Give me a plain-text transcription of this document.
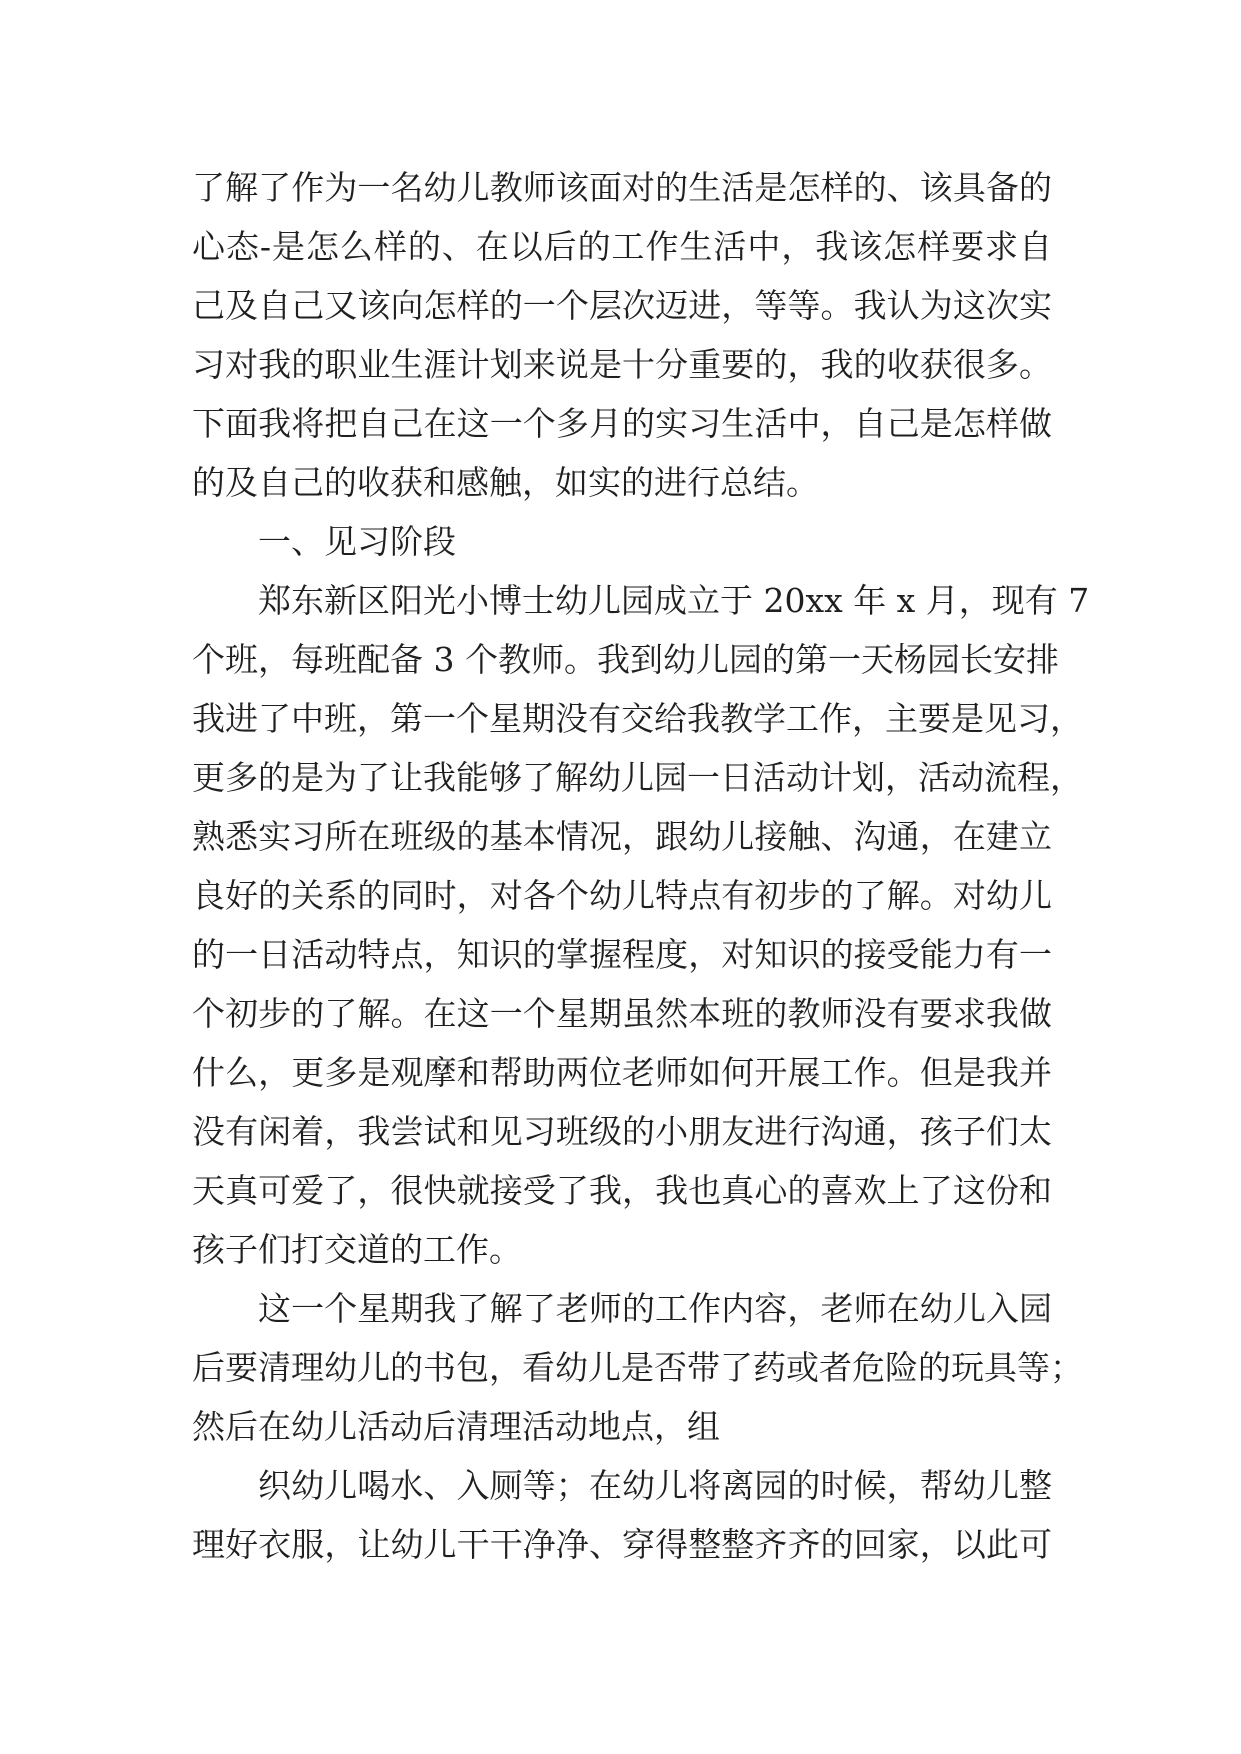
了解了作为一名幼儿教师该面对的生活是怎样的、该具备的
心态-是怎么样的、在以后的工作生活中，我该怎样要求自
己及自己又该向怎样的一个层次迈进，等等。我认为这次实
习对我的职业生涯计划来说是十分重要的，我的收获很多。
下面我将把自己在这一个多月的实习生活中，自己是怎样做
的及自己的收获和感触，如实的进行总结。
一、见习阶段
郑东新区阳光小博士幼儿园成立于 20xx 年 x 月，现有 7
个班，每班配备 3 个教师。我到幼儿园的第一天杨园长安排
我进了中班，第一个星期没有交给我教学工作，主要是见习，
更多的是为了让我能够了解幼儿园一日活动计划，活动流程，
熟悉实习所在班级的基本情况，跟幼儿接触、沟通，在建立
良好的关系的同时，对各个幼儿特点有初步的了解。对幼儿
的一日活动特点，知识的掌握程度，对知识的接受能力有一
个初步的了解。在这一个星期虽然本班的教师没有要求我做
什么，更多是观摩和帮助两位老师如何开展工作。但是我并
没有闲着，我尝试和见习班级的小朋友进行沟通，孩子们太
天真可爱了，很快就接受了我，我也真心的喜欢上了这份和
孩子们打交道的工作。
这一个星期我了解了老师的工作内容，老师在幼儿入园
后要清理幼儿的书包，看幼儿是否带了药或者危险的玩具等；
然后在幼儿活动后清理活动地点，组
织幼儿喝水、入厕等；在幼儿将离园的时候，帮幼儿整
理好衣服，让幼儿干干净净、穿得整整齐齐的回家，以此可
